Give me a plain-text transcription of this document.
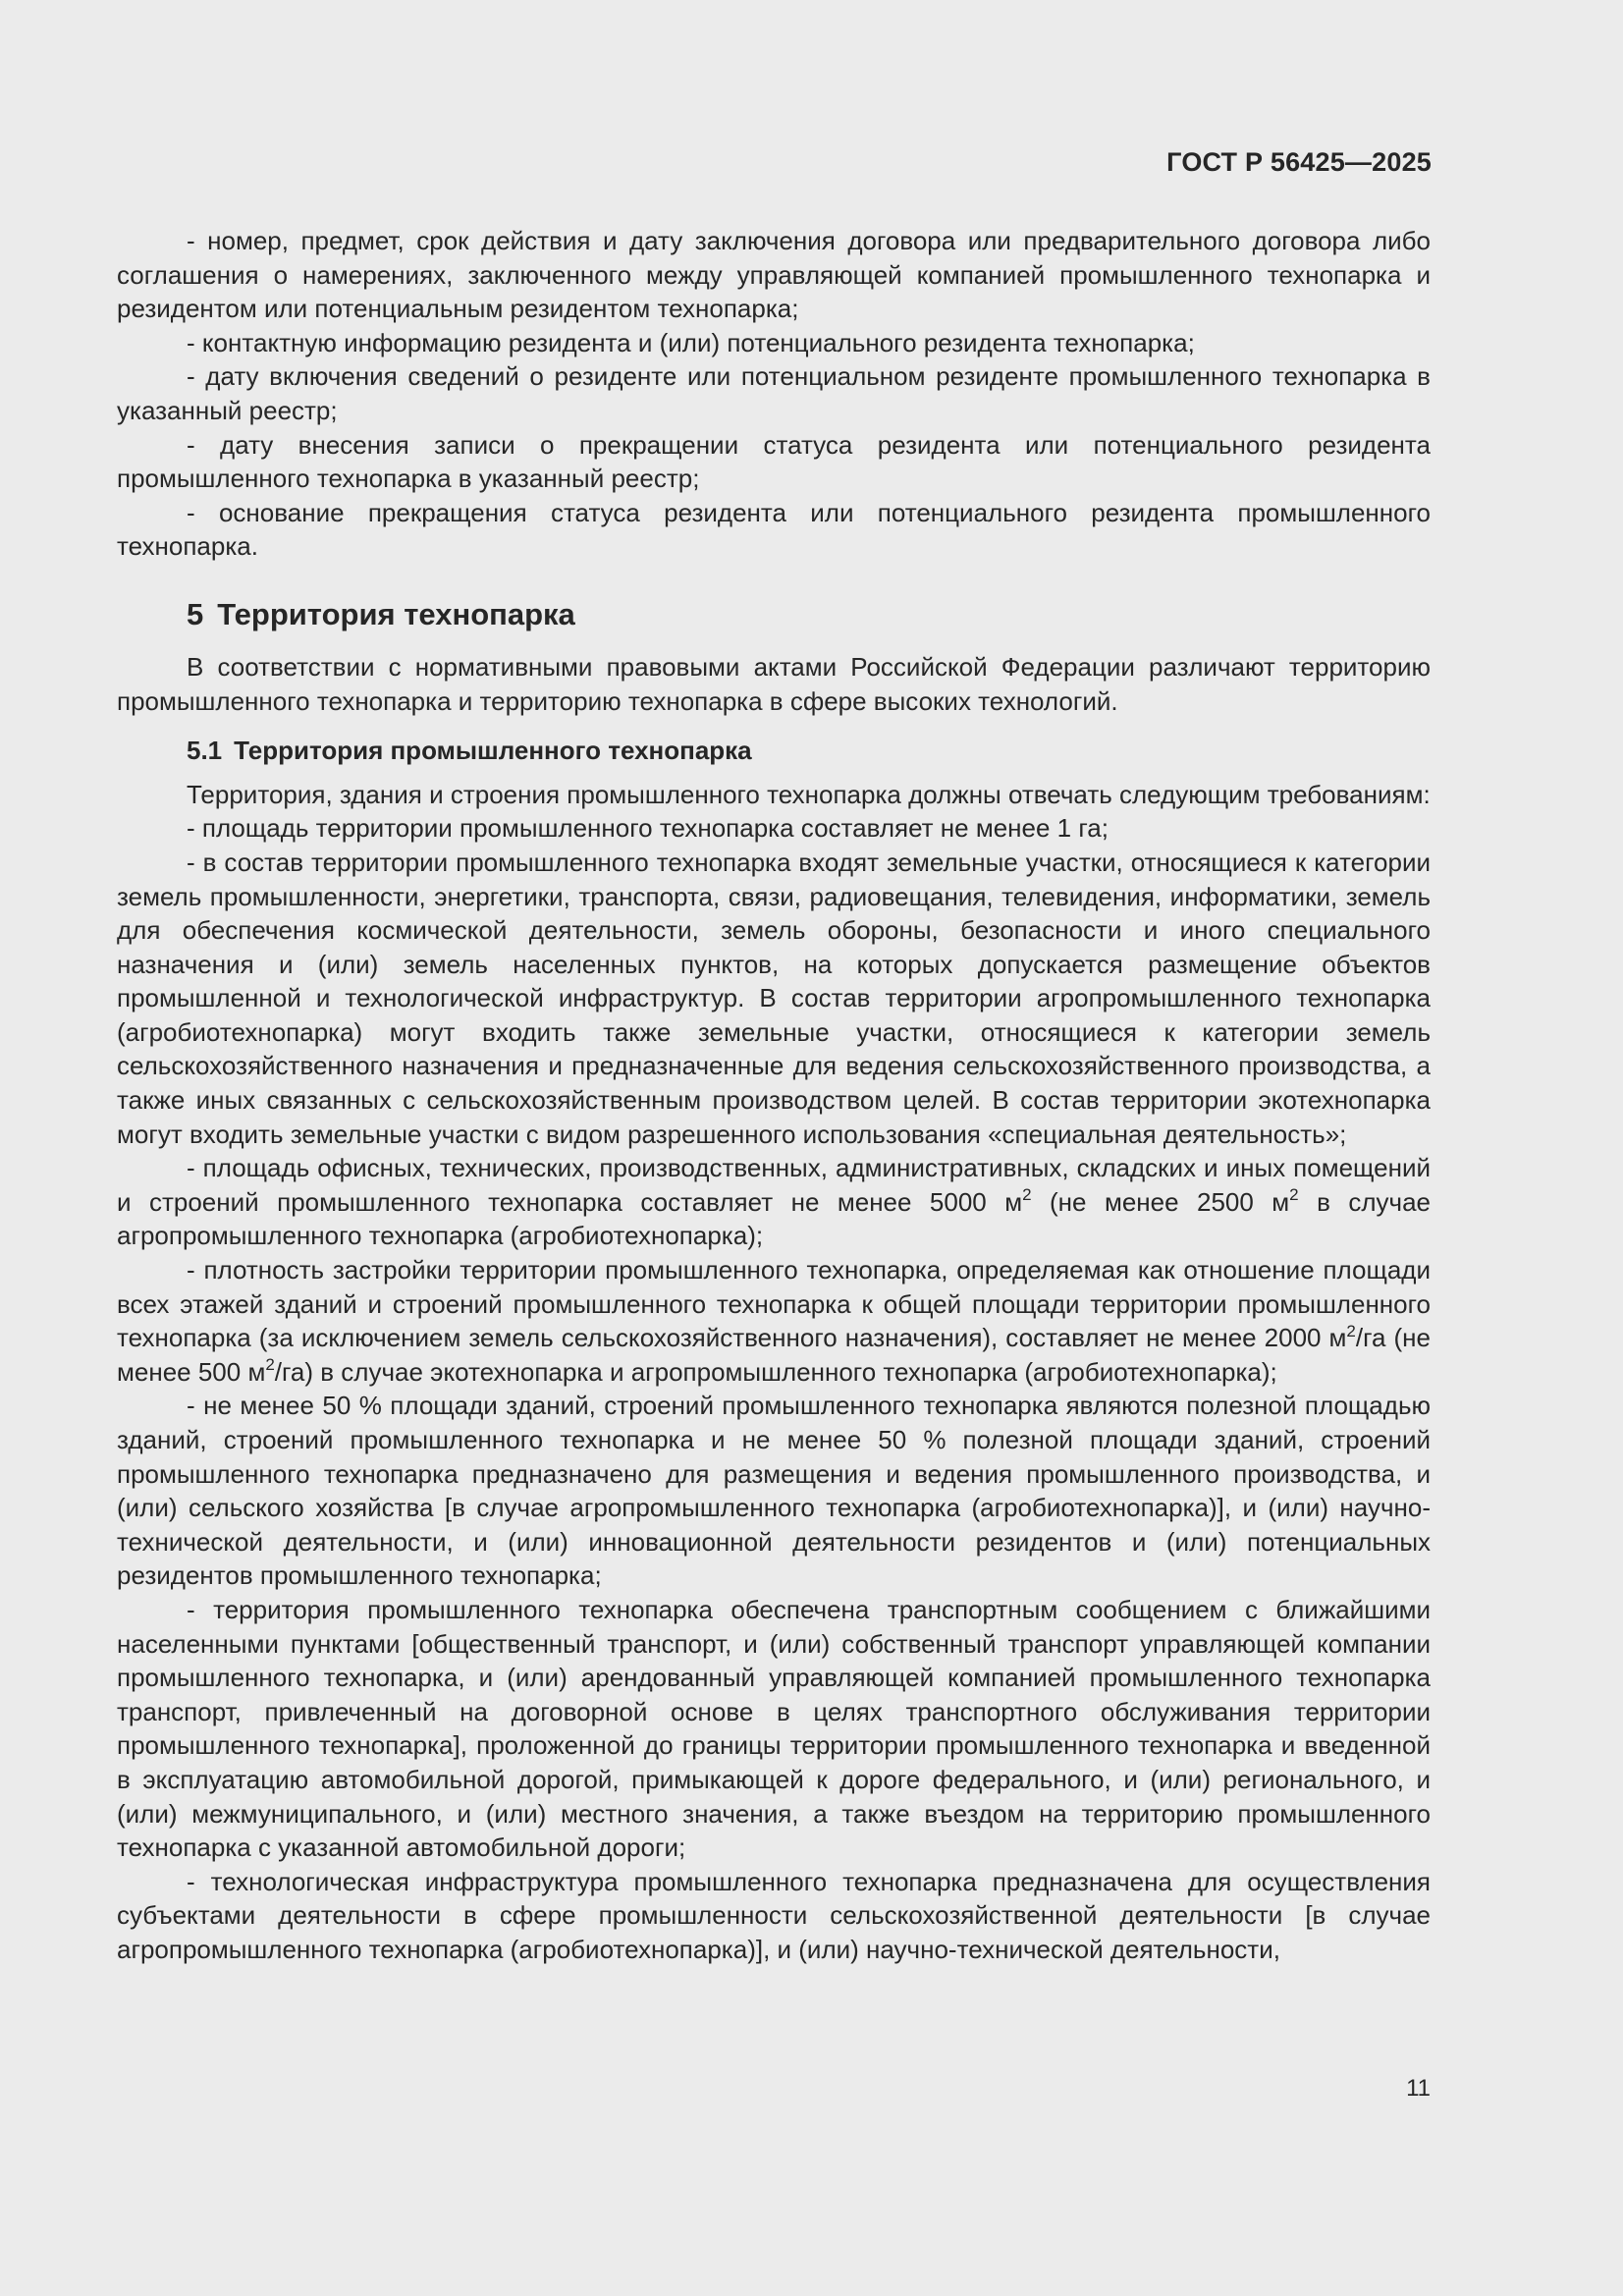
ГОСТ Р 56425—2025

- номер, предмет, срок действия и дату заключения договора или предварительного договора либо соглашения о намерениях, заключенного между управляющей компанией промышленного технопарка и резидентом или потенциальным резидентом технопарка;

- контактную информацию резидента и (или) потенциального резидента технопарка;

- дату включения сведений о резиденте или потенциальном резиденте промышленного технопарка в указанный реестр;

- дату внесения записи о прекращении статуса резидента или потенциального резидента промышленного технопарка в указанный реестр;

- основание прекращения статуса резидента или потенциального резидента промышленного технопарка.

5 Территория технопарка

В соответствии с нормативными правовыми актами Российской Федерации различают территорию промышленного технопарка и территорию технопарка в сфере высоких технологий.

5.1 Территория промышленного технопарка

Территория, здания и строения промышленного технопарка должны отвечать следующим требованиям:

- площадь территории промышленного технопарка составляет не менее 1 га;

- в состав территории промышленного технопарка входят земельные участки, относящиеся к категории земель промышленности, энергетики, транспорта, связи, радиовещания, телевидения, информатики, земель для обеспечения космической деятельности, земель обороны, безопасности и иного специального назначения и (или) земель населенных пунктов, на которых допускается размещение объектов промышленной и технологической инфраструктур. В состав территории агропромышленного технопарка (агробиотехнопарка) могут входить также земельные участки, относящиеся к категории земель сельскохозяйственного назначения и предназначенные для ведения сельскохозяйственного производства, а также иных связанных с сельскохозяйственным производством целей. В состав территории экотехнопарка могут входить земельные участки с видом разрешенного использования «специальная деятельность»;

- площадь офисных, технических, производственных, административных, складских и иных помещений и строений промышленного технопарка составляет не менее 5000 $м^2$ (не менее 2500 $м^2$ в случае агропромышленного технопарка (агробиотехнопарка);

- плотность застройки территории промышленного технопарка, определяемая как отношение площади всех этажей зданий и строений промышленного технопарка к общей площади территории промышленного технопарка (за исключением земель сельскохозяйственного назначения), составляет не менее 2000 $м^2/га$ (не менее 500 $м^2/га$) в случае экотехнопарка и агропромышленного технопарка (агробиотехнопарка);

- не менее 50 % площади зданий, строений промышленного технопарка являются полезной площадью зданий, строений промышленного технопарка и не менее 50 % полезной площади зданий, строений промышленного технопарка предназначено для размещения и ведения промышленного производства, и (или) сельского хозяйства [в случае агропромышленного технопарка (агробиотехнопарка)], и (или) научно-технической деятельности, и (или) инновационной деятельности резидентов и (или) потенциальных резидентов промышленного технопарка;

- территория промышленного технопарка обеспечена транспортным сообщением с ближайшими населенными пунктами [общественный транспорт, и (или) собственный транспорт управляющей компании промышленного технопарка, и (или) арендованный управляющей компанией промышленного технопарка транспорт, привлеченный на договорной основе в целях транспортного обслуживания территории промышленного технопарка], проложенной до границы территории промышленного технопарка и введенной в эксплуатацию автомобильной дорогой, примыкающей к дороге федерального, и (или) регионального, и (или) межмуниципального, и (или) местного значения, а также въездом на территорию промышленного технопарка с указанной автомобильной дороги;

- технологическая инфраструктура промышленного технопарка предназначена для осуществления субъектами деятельности в сфере промышленности сельскохозяйственной деятельности [в случае агропромышленного технопарка (агробиотехнопарка)], и (или) научно-технической деятельности,

11
